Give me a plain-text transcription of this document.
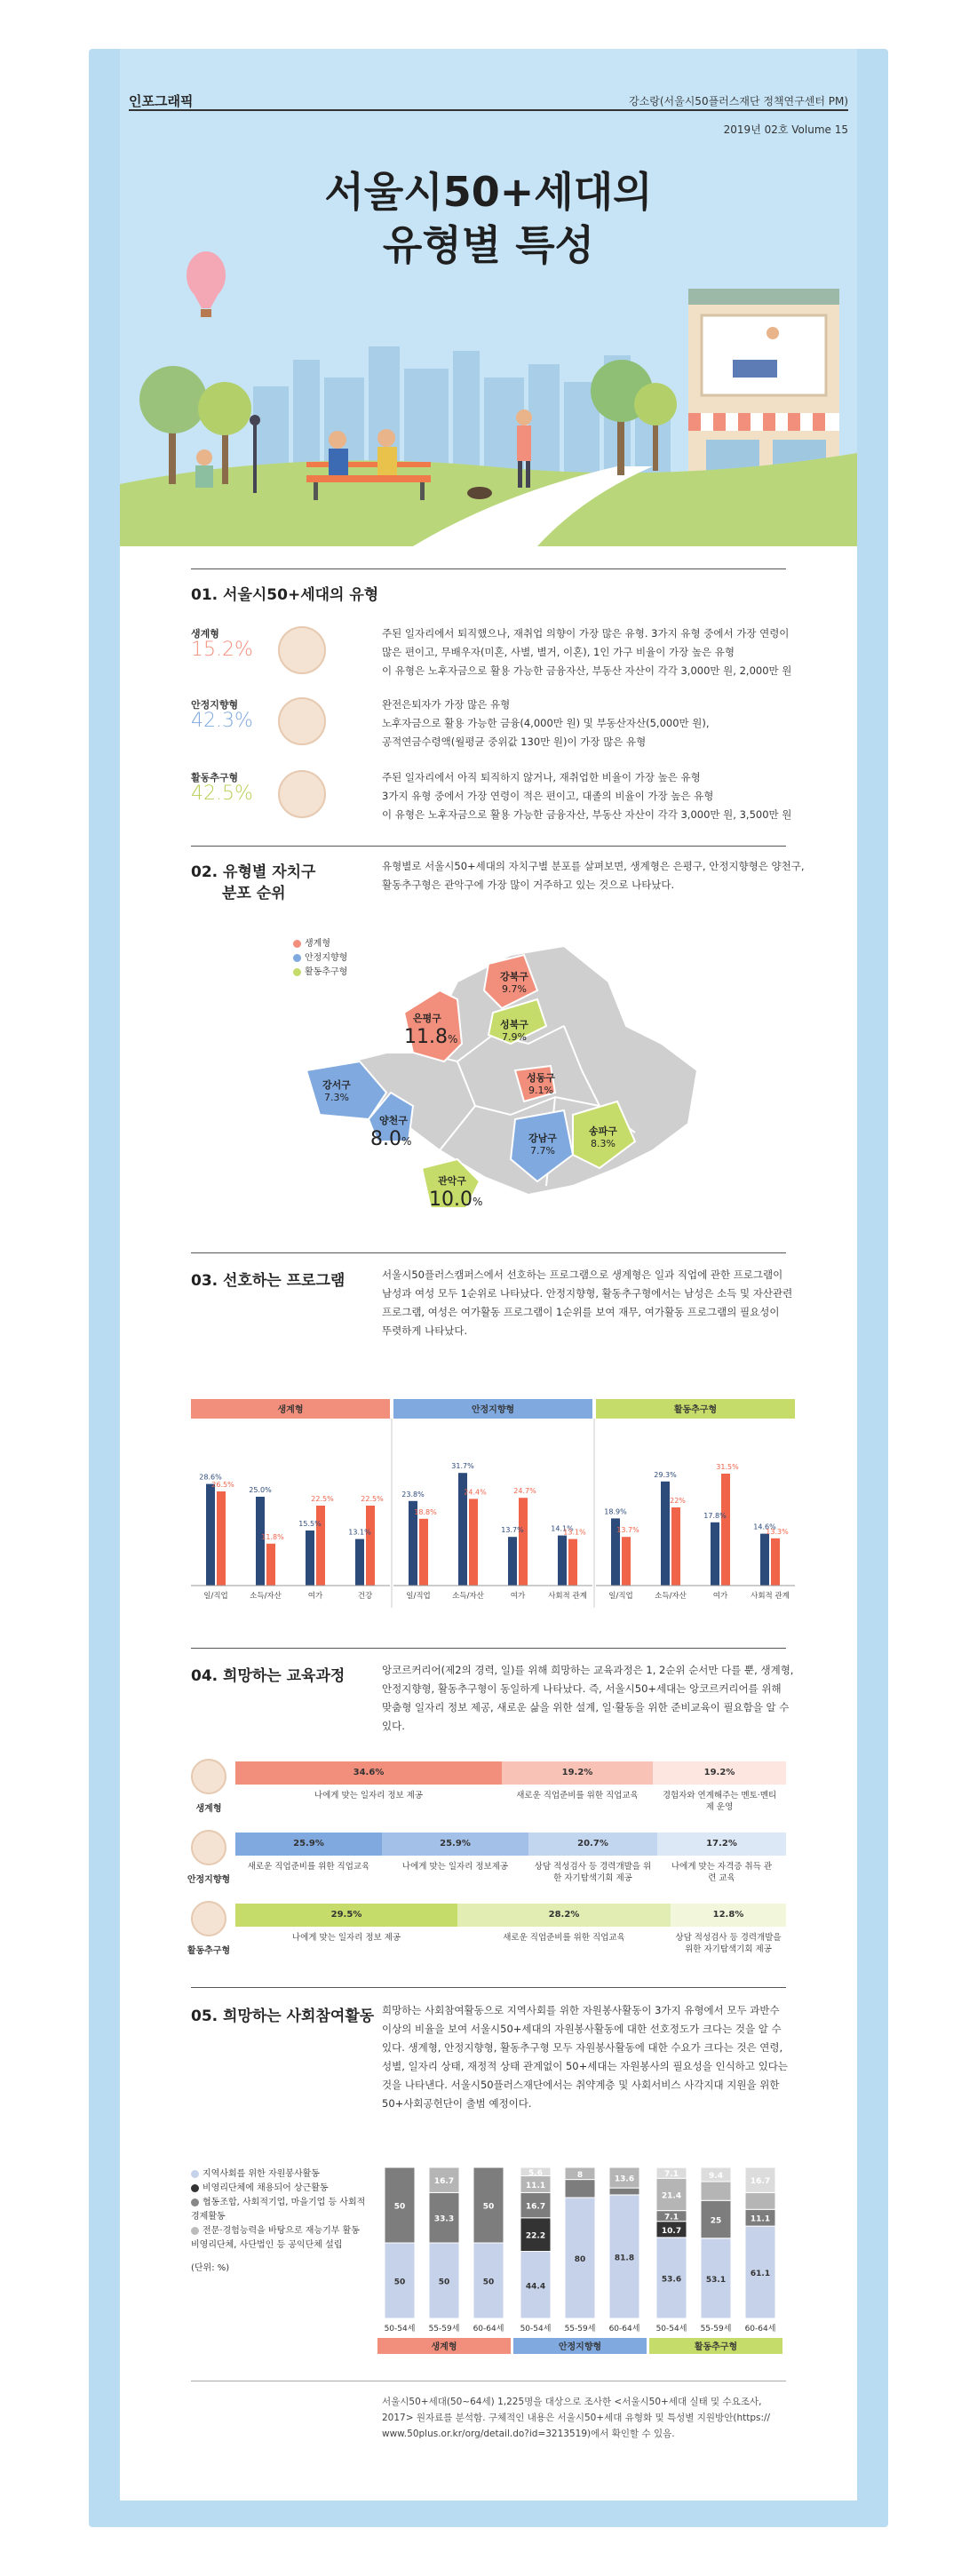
인포그래픽	강소랑(서울시50플러스재단 정책연구센터 PM)
2019년 02호 Volume 15
서울시50+세대의
유형별 특성
01. 서울시50+세대의 유형
생계형
15.2%
주된 일자리에서 퇴직했으나, 재취업 의향이 가장 많은 유형. 3가지 유형 중에서 가장 연령이
많은 편이고, 무배우자(미혼, 사별, 별거, 이혼), 1인 가구 비율이 가장 높은 유형
이 유형은 노후자금으로 활용 가능한 금융자산, 부동산 자산이 각각 3,000만 원, 2,000만 원
안정지향형
42.3%
완전은퇴자가 가장 많은 유형
노후자금으로 활용 가능한 금융(4,000만 원) 및 부동산자산(5,000만 원),
공적연금수령액(월평균 중위값 130만 원)이 가장 많은 유형
활동추구형
42.5%
주된 일자리에서 아직 퇴직하지 않거나, 재취업한 비율이 가장 높은 유형
3가지 유형 중에서 가장 연령이 적은 편이고, 대졸의 비율이 가장 높은 유형
이 유형은 노후자금으로 활용 가능한 금융자산, 부동산 자산이 각각 3,000만 원, 3,500만 원
02. 유형별 자치구
분포 순위
유형별로 서울시50+세대의 자치구별 분포를 살펴보면, 생계형은 은평구, 안정지향형은 양천구,
활동추구형은 관악구에 가장 많이 거주하고 있는 것으로 나타났다.
생계형
안정지향형
활동추구형
은평구
11.8%
강북구
9.7%
성북구
7.9%
강서구
7.3%
양천구
8.0%
성동구
9.1%
송파구
8.3%
강남구
7.7%
관악구
10.0%
03. 선호하는 프로그램	서울시50플러스캠퍼스에서 선호하는 프로그램으로 생계형은 일과 직업에 관한 프로그램이
남성과 여성 모두 1순위로 나타났다. 안정지향형, 활동추구형에서는 남성은 소득 및 자산관련
프로그램, 여성은 여가활동 프로그램이 1순위를 보여 재무, 여가활동 프로그램의 필요성이
뚜렷하게 나타났다.
생계형
28.6%
26.5%
일/직업
25.0%
11.8%
소득/자산
15.5%
22.5%
여가
13.1%
22.5%
건강
안정지향형
23.8%
18.8%
일/직업
31.7%
24.4%
소득/자산
13.7%
24.7%
여가
14.1%
13.1%
사회적 관계
활동추구형
18.9%
13.7%
일/직업
29.3%
22%
소득/자산
17.8%
31.5%
여가
14.6%
13.3%
사회적 관계
04. 희망하는 교육과정	앙코르커리어(제2의 경력, 일)를 위해 희망하는 교육과정은 1, 2순위 순서만 다를 뿐, 생계형,
안정지향형, 활동추구형이 동일하게 나타났다. 즉, 서울시50+세대는 앙코르커리어를 위해
맞춤형 일자리 정보 제공, 새로운 삶을 위한 설계, 일·활동을 위한 준비교육이 필요함을 알 수
있다.
생계형
34.6%	19.2%	19.2%
나에게 맞는 일자리 정보 제공	새로운 직업준비를 위한 직업교육	경험자와 연계해주는 멘토·멘티제 운영
안정지향형
25.9%	25.9%	20.7%	17.2%
새로운 직업준비를 위한 직업교육	나에게 맞는 일자리 정보제공	상담 적성검사 등 경력개발을 위한 자기탐색기회 제공
나에게 맞는 자격증 취득 관련 교육
활동추구형
29.5%	28.2%	12.8%
나에게 맞는 일자리 정보 제공	새로운 직업준비를 위한 직업교육	상담 적성검사 등 경력개발을 위한 자기탐색기회 제공
05. 희망하는 사회참여활동 희망하는 사회참여활동으로 지역사회를 위한 자원봉사활동이 3가지 유형에서 모두 과반수
이상의 비율을 보여 서울시50+세대의 자원봉사활동에 대한 선호정도가 크다는 것을 알 수
있다. 생계형, 안정지향형, 활동추구형 모두 자원봉사활동에 대한 수요가 크다는 것은 연령,
성별, 일자리 상태, 재정적 상태 관계없이 50+세대는 자원봉사의 필요성을 인식하고 있다는
것을 나타낸다. 서울시50플러스재단에서는 취약계층 및 사회서비스 사각지대 지원을 위한
50+사회공헌단이 출범 예정이다.
지역사회를 위한 자원봉사활동
비영리단체에 채용되어 상근활동
협동조합, 사회적기업, 마을기업 등 사회적 경제활동
전문·경험능력을 바탕으로 재능기부 활동 비영리단체, 사단법인 등 공익단체 설립
(단위: %)
50
50
50-54세
50
33.3
16.7
55-59세
50
50
60-64세
44.4
22.2
16.7
11.1
5.6
50-54세
80
8
55-59세
81.8
13.6
60-64세
53.6
10.7
7.1
21.4
7.1
50-54세
53.1
25
9.4
55-59세
61.1
11.1
16.7
60-64세
생계형	안정지향형	활동추구형
서울시50+세대(50~64세) 1,225명을 대상으로 조사한 <서울시50+세대 실태 및 수요조사,
2017> 원자료를 분석함. 구체적인 내용은 서울시50+세대 유형화 및 특성별 지원방안(https://
www.50plus.or.kr/org/detail.do?id=3213519)에서 확인할 수 있음.
